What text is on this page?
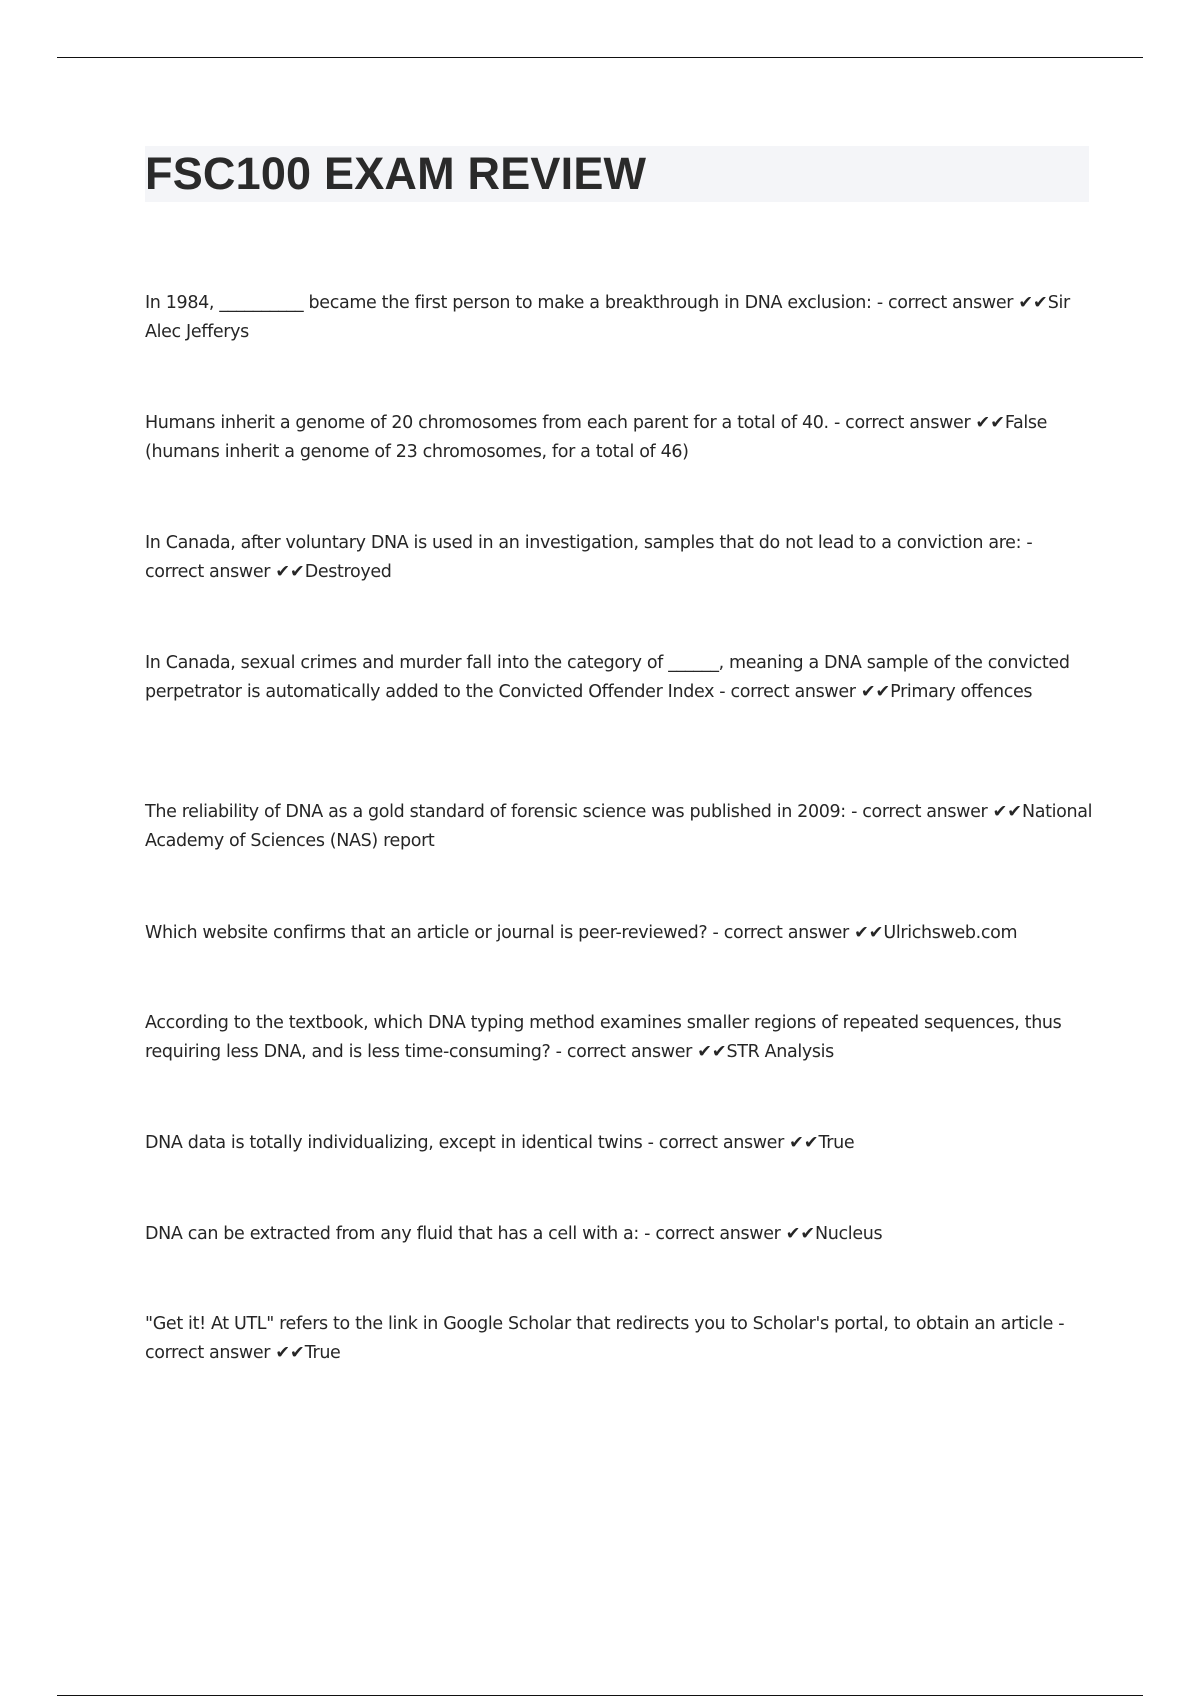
FSC100 EXAM REVIEW
In 1984, __________ became the first person to make a breakthrough in DNA exclusion: - correct answer ✔✔Sir Alec Jefferys
Humans inherit a genome of 20 chromosomes from each parent for a total of 40. - correct answer ✔✔False (humans inherit a genome of 23 chromosomes, for a total of 46)
In Canada, after voluntary DNA is used in an investigation, samples that do not lead to a conviction are: - correct answer ✔✔Destroyed
In Canada, sexual crimes and murder fall into the category of ______, meaning a DNA sample of the convicted perpetrator is automatically added to the Convicted Offender Index - correct answer ✔✔Primary offences
The reliability of DNA as a gold standard of forensic science was published in 2009: - correct answer ✔✔National Academy of Sciences (NAS) report
Which website confirms that an article or journal is peer-reviewed? - correct answer ✔✔Ulrichsweb.com
According to the textbook, which DNA typing method examines smaller regions of repeated sequences, thus requiring less DNA, and is less time-consuming? - correct answer ✔✔STR Analysis
DNA data is totally individualizing, except in identical twins - correct answer ✔✔True
DNA can be extracted from any fluid that has a cell with a: - correct answer ✔✔Nucleus
"Get it! At UTL" refers to the link in Google Scholar that redirects you to Scholar's portal, to obtain an article - correct answer ✔✔True
